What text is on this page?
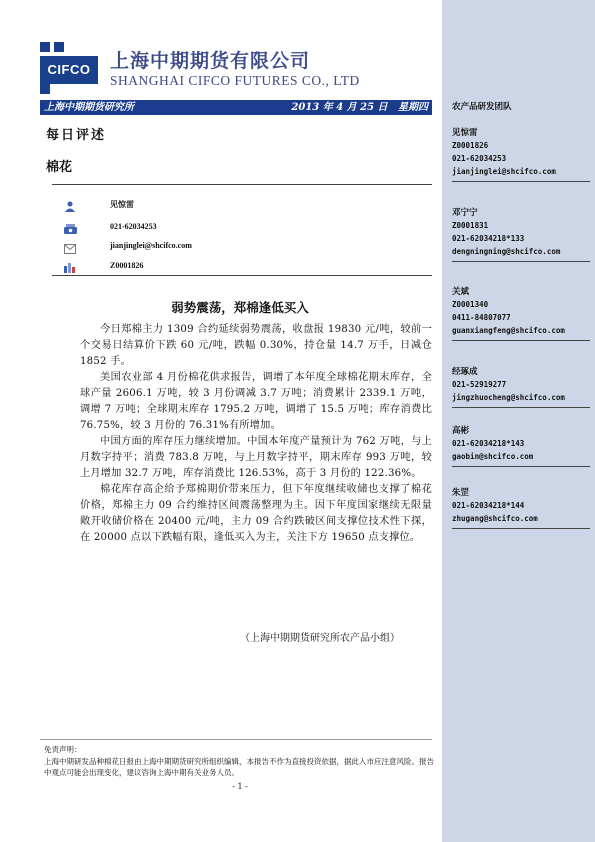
CIFCO	上海中期期货有限公司
SHANGHAI CIFCO FUTURES CO., LTD
上海中期期货研究所	2013 年 4 月 25 日 星期四
每日评述
棉花
见惊雷
021-62034253
jianjinglei@shcifco.com
Z0001826
弱势震荡，郑棉逢低买入

今日郑棉主力 1309 合约延续弱势震荡，收盘报 19830 元/吨，较前一个交易日结算价下跌 60 元/吨，跌幅 0.30%，持仓量 14.7 万手，日减仓 1852 手。

美国农业部 4 月份棉花供求报告，调增了本年度全球棉花期末库存，全球产量 2606.1 万吨，较 3 月份调减 3.7 万吨；消费累计 2339.1 万吨，调增 7 万吨；全球期末库存 1795.2 万吨，调增了 15.5 万吨；库存消费比 76.75%，较 3 月份的 76.31%有所增加。

中国方面的库存压力继续增加。中国本年度产量预计为 762 万吨，与上月数字持平；消费 783.8 万吨，与上月数字持平，期末库存 993 万吨，较上月增加 32.7 万吨，库存消费比 126.53%，高于 3 月份的 122.36%。

棉花库存高企给予郑棉期价带来压力，但下年度继续收储也支撑了棉花价格，郑棉主力 09 合约维持区间震荡整理为主。因下年度国家继续无限量敞开收储价格在 20400 元/吨，主力 09 合约跌破区间支撑位技术性下探，在 20000 点以下跌幅有限，逢低买入为主，关注下方 19650 点支撑位。

（上海中期期货研究所农产品小组）
免责声明：
上海中期研发品种棉花日报由上海中期期货研究所组织编辑，本报告不作为直接投资依据，据此入市应注意风险。报告中观点可能会出现变化，建议咨询上海中期有关业务人员。
- 1 -
农产品研发团队
见惊雷
Z0001826
021-62034253
jianjinglei@shcifco.com
邓宁宁
Z0001831
021-62034218*133
dengningning@shcifco.com
关斌
Z0001340
0411-84807077
guanxiangfeng@shcifco.com
经琢成
021-52919277
jingzhuocheng@shcifco.com
高彬
021-62034218*143
gaobin@shcifco.com
朱罡
021-62034218*144
zhugang@shcifco.com
